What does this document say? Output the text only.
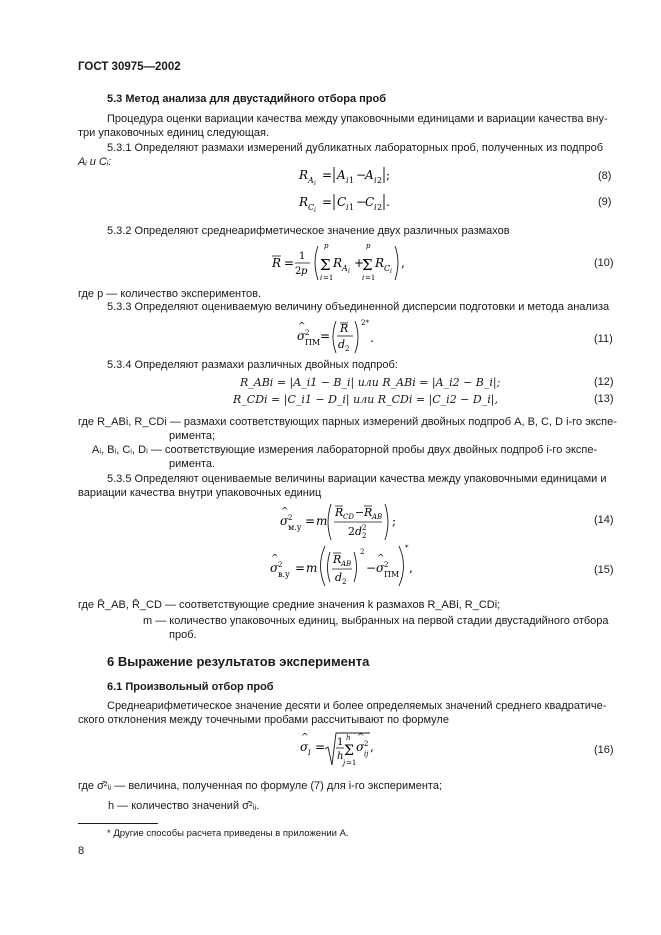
ГОСТ 30975—2002
5.3 Метод анализа для двустадийного отбора проб
Процедура оценки вариации качества между упаковочными единицами и вариации качества вну-
три упаковочных единиц следующая.
5.3.1 Определяют размахи измерений дубликатных лабораторных проб, полученных из подпроб
Aᵢ и Cᵢ:
R A i
= A i 1 −
A i 2 ;	(8)
R C i
= C i 1 −
C i 2 .	(9)
5.3.2 Определяют среднеарифметическое значение двух различных размахов
R = 1
2 p
p
Σ
i =1
R A i
+
p
Σ
i =1
R C i
,	(10)
где p — количество экспериментов.
5.3.3 Определяют оцениваемую величину объединенной дисперсии подготовки и метода анализа
σ
^
2
ПМ =
R
d 2
2*
.	(11)
5.3.4 Определяют размахи различных двойных подпроб:
R_ABi = |A_i1 − B_i| или R_ABi = |A_i2 − B_i|;	(12)
R_CDi = |C_i1 − D_i| или R_CDi = |C_i2 − D_i|,	(13)
где R_ABi, R_CDi — размахи соответствующих парных измерений двойных подпроб A, B, C, D i-го экспе-
римента;
Aᵢ, Bᵢ, Cᵢ, Dᵢ — соответствующие измерения лабораторной пробы двух двойных подпроб i-го экспе-
римента.
5.3.5 Определяют оцениваемые величины вариации качества между упаковочными единицами и
вариации качества внутри упаковочных единиц
σ
^
2
м.у = m
R CD − R AB
2 d 2
2 ;	(14)
σ
^
2
в.у = m
R AB
d 2
2
− σ
^
2
ПМ
*
,	(15)
где R̄_AB, R̄_CD — соответствующие средние значения k размахов R_ABi, R_CDi;
m — количество упаковочных единиц, выбранных на первой стадии двустадийного отбора
проб.
6 Выражение результатов эксперимента
6.1 Произвольный отбор проб
Среднеарифметическое значение десяти и более определяемых значений среднего квадратиче-
ского отклонения между точечными пробами рассчитывают по формуле
σ
^
I = 1
h
h
Σ
j =1
σ
^
2
ij ,	(16)
где σ̂²ᵢⱼ — величина, полученная по формуле (7) для i-го эксперимента;
h — количество значений σ̂²ᵢⱼ.
* Другие способы расчета приведены в приложении А.
8
